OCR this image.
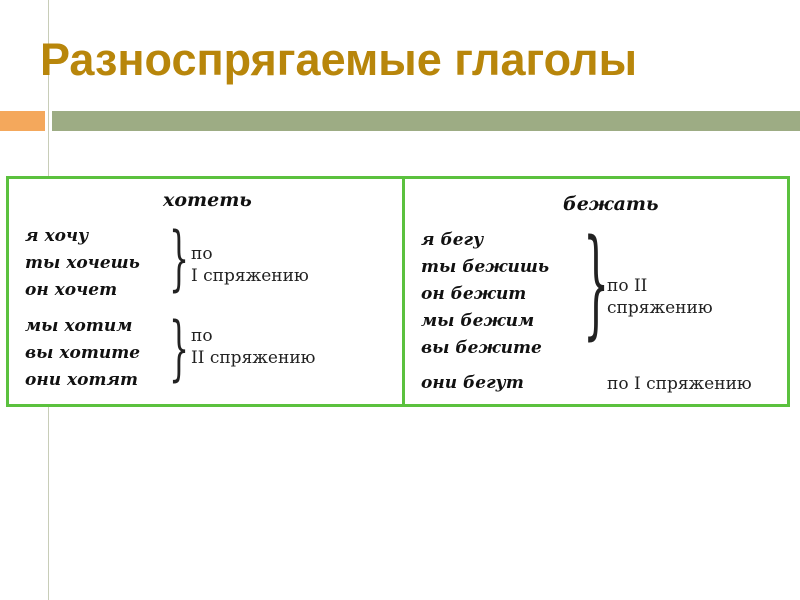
Разноспрягаемые глаголы
хотеть
я хочу
ты хочешь
он хочет } по
I спряжению
мы хотим
вы хотите
они хотят } по
II спряжению
бежать
я бегу
ты бежишь
он бежит
мы бежим
вы бежите }
по II
спряжению
они бегут	по I спряжению
